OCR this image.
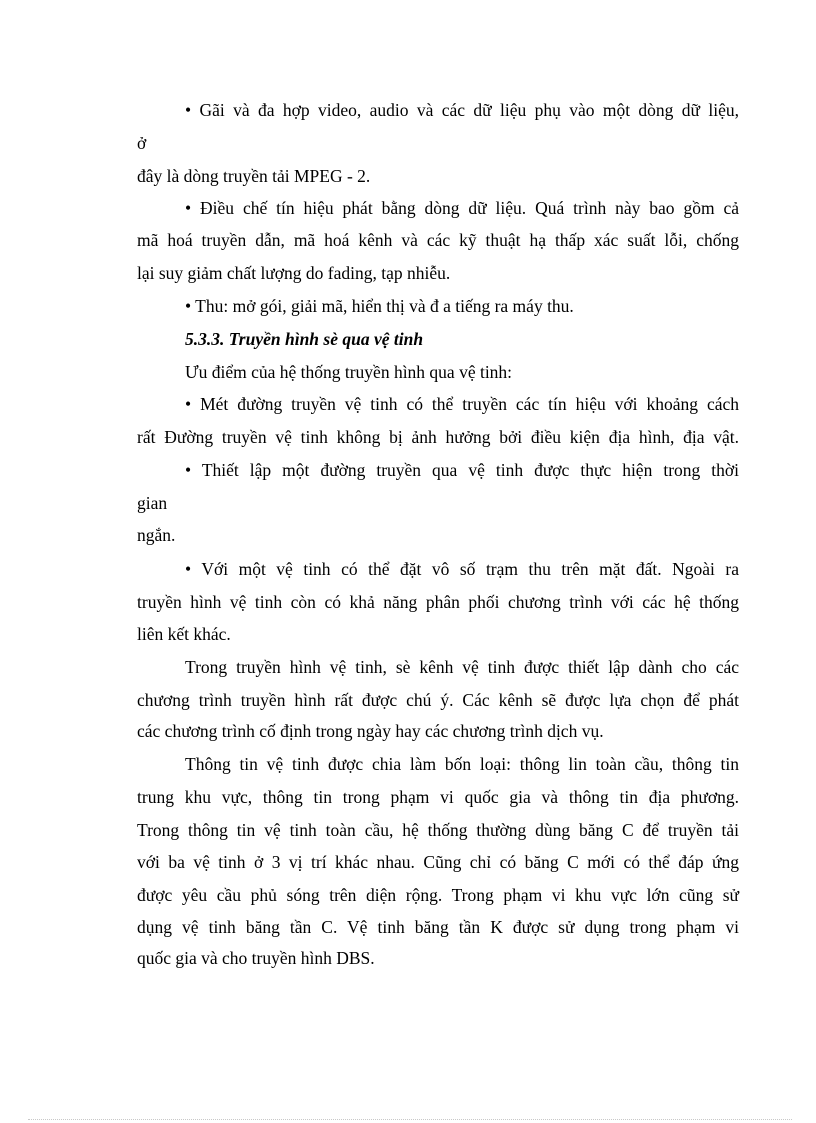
• Gãi và đa hợp video, audio và các dữ liệu phụ vào một dòng dữ liệu,
ở
đây là dòng truyền tải MPEG - 2.
• Điều chế tín hiệu phát bằng dòng dữ liệu. Quá trình này bao gồm cả
mã hoá truyền dẫn, mã hoá kênh và các kỹ thuật hạ thấp xác suất lỗi, chống
lại suy giảm chất lượng do fading, tạp nhiễu.
• Thu: mở gói, giải mã, hiển thị và đ a tiếng ra máy thu.
5.3.3. Truyền hình sè qua vệ tinh
Ưu điểm của hệ thống truyền hình qua vệ tinh:
• Mét đường truyền vệ tinh có thể truyền các tín hiệu với khoảng cách
rất Đường truyền vệ tinh không bị ảnh hưởng bởi điều kiện địa hình, địa vật.
• Thiết lập một đường truyền qua vệ tinh được thực hiện trong thời
gian
ngắn.
• Với một vệ tinh có thể đặt vô số trạm thu trên mặt đất. Ngoài ra
truyền hình vệ tinh còn có khả năng phân phối chương trình với các hệ thống
liên kết khác.
Trong truyền hình vệ tinh, sè kênh vệ tinh được thiết lập dành cho các
chương trình truyền hình rất được chú ý. Các kênh sẽ được lựa chọn để phát
các chương trình cố định trong ngày hay các chương trình dịch vụ.
Thông tin vệ tinh được chia làm bốn loại: thông lin toàn cầu, thông tin
trung khu vực, thông tin trong phạm vi quốc gia và thông tin địa phương.
Trong thông tin vệ tinh toàn cầu, hệ thống thường dùng băng C để truyền tải
với ba vệ tinh ở 3 vị trí khác nhau. Cũng chỉ có băng C mới có thể đáp ứng
được yêu cầu phủ sóng trên diện rộng. Trong phạm vi khu vực lớn cũng sử
dụng vệ tinh băng tần C. Vệ tinh băng tần K được sử dụng trong phạm vi
quốc gia và cho truyền hình DBS.
